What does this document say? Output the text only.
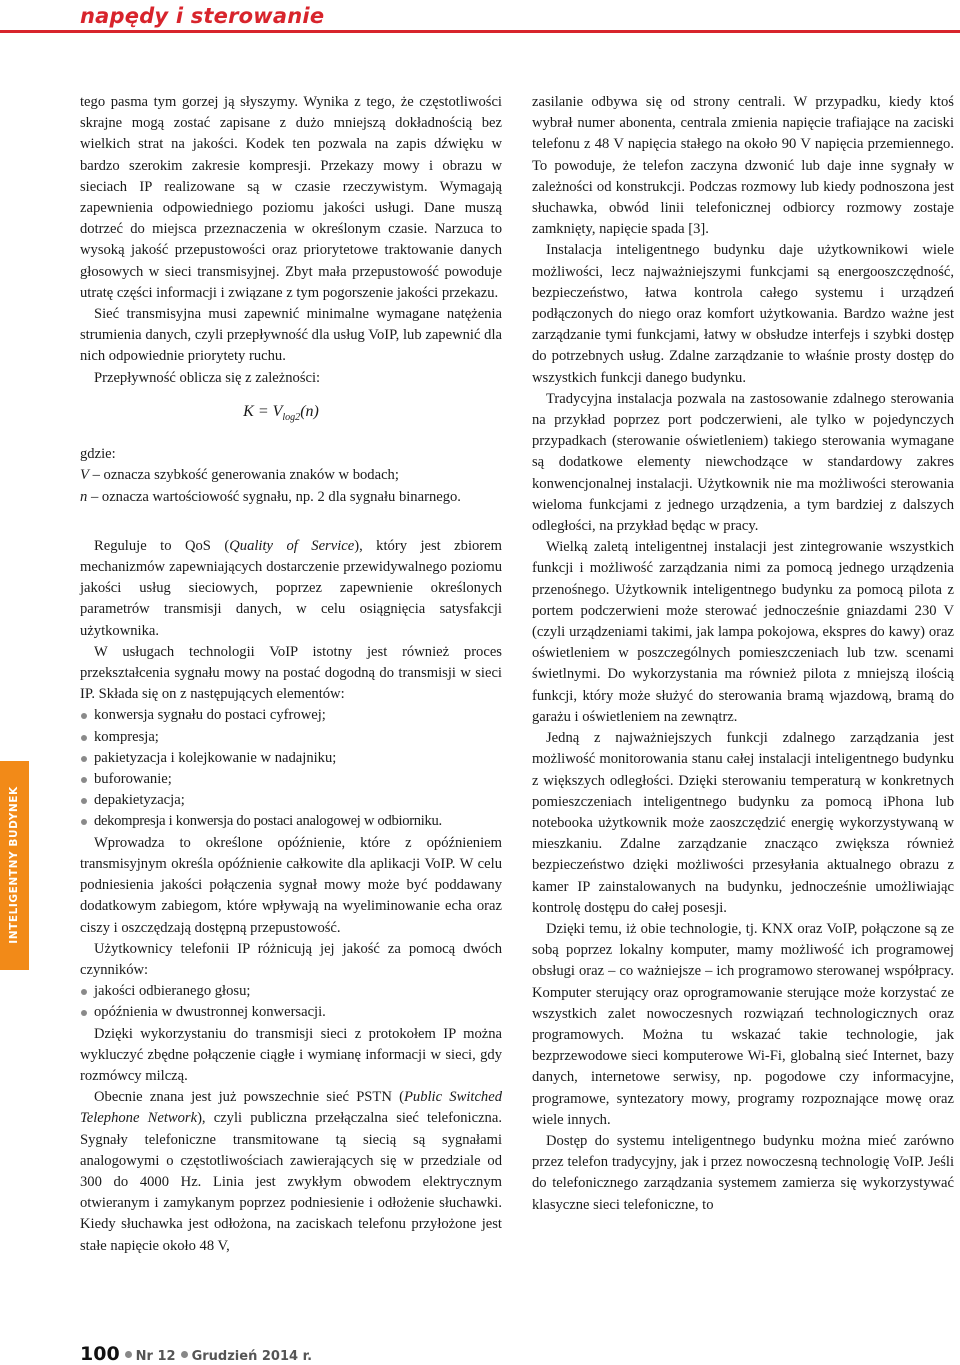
napędy i sterowanie

tego pasma tym gorzej ją słyszymy. Wynika z tego, że częstotliwości skrajne mogą zostać zapisane z dużo mniejszą dokładnością bez wielkich strat na jakości. Kodek ten pozwala na zapis dźwięku w bardzo szerokim zakresie kompresji. Przekazy mowy i obrazu w sieciach IP realizowane są w czasie rzeczywistym. Wymagają zapewnienia odpowiedniego poziomu jakości usługi. Dane muszą dotrzeć do miejsca przeznaczenia w określonym czasie. Narzuca to wysoką jakość przepustowości oraz priorytetowe traktowanie danych głosowych w sieci transmisyjnej. Zbyt mała przepustowość powoduje utratę części informacji i związane z tym pogorszenie jakości przekazu.

Sieć transmisyjna musi zapewnić minimalne wymagane natężenia strumienia danych, czyli przepływność dla usług VoIP, lub zapewnić dla nich odpowiednie priorytety ruchu.

Przepływność oblicza się z zależności:

$K = V_{log2}(n)$

gdzie:

V – oznacza szybkość generowania znaków w bodach;

n – oznacza wartościowość sygnału, np. 2 dla sygnału binarnego.

Reguluje to QoS (Quality of Service), który jest zbiorem mechanizmów zapewniających dostarczenie przewidywalnego poziomu jakości usług sieciowych, poprzez zapewnienie określonych parametrów transmisji danych, w celu osiągnięcia satysfakcji użytkownika.

W usługach technologii VoIP istotny jest również proces przekształcenia sygnału mowy na postać dogodną do transmisji w sieci IP. Składa się on z następujących elementów:

konwersja sygnału do postaci cyfrowej;
kompresja;
pakietyzacja i kolejkowanie w nadajniku;
buforowanie;
depakietyzacja;
dekompresja i konwersja do postaci analogowej w odbiorniku.

Wprowadza to określone opóźnienie, które z opóźnieniem transmisyjnym określa opóźnienie całkowite dla aplikacji VoIP. W celu podniesienia jakości połączenia sygnał mowy może być poddawany dodatkowym zabiegom, które wpływają na wyeliminowanie echa oraz ciszy i oszczędzają dostępną przepustowość.

Użytkownicy telefonii IP różnicują jej jakość za pomocą dwóch czynników:

jakości odbieranego głosu;
opóźnienia w dwustronnej konwersacji.

Dzięki wykorzystaniu do transmisji sieci z protokołem IP można wykluczyć zbędne połączenie ciągłe i wymianę informacji w sieci, gdy rozmówcy milczą.

Obecnie znana jest już powszechnie sieć PSTN (Public Switched Telephone Network), czyli publiczna przełączalna sieć telefoniczna. Sygnały telefoniczne transmitowane tą siecią są sygnałami analogowymi o częstotliwościach zawierających się w przedziale od 300 do 4000 Hz. Linia jest zwykłym obwodem elektrycznym otwieranym i zamykanym poprzez podniesienie i odłożenie słuchawki. Kiedy słuchawka jest odłożona, na zaciskach telefonu przyłożone jest stałe napięcie około 48 V,

zasilanie odbywa się od strony centrali. W przypadku, kiedy ktoś wybrał numer abonenta, centrala zmienia napięcie trafiające na zaciski telefonu z 48 V napięcia stałego na około 90 V napięcia przemiennego. To powoduje, że telefon zaczyna dzwonić lub daje inne sygnały w zależności od konstrukcji. Podczas rozmowy lub kiedy podnoszona jest słuchawka, obwód linii telefonicznej odbiorcy rozmowy zostaje zamknięty, napięcie spada [3].

Instalacja inteligentnego budynku daje użytkownikowi wiele możliwości, lecz najważniejszymi funkcjami są energooszczędność, bezpieczeństwo, łatwa kontrola całego systemu i urządzeń podłączonych do niego oraz komfort użytkowania. Bardzo ważne jest zarządzanie tymi funkcjami, łatwy w obsłudze interfejs i szybki dostęp do potrzebnych usług. Zdalne zarządzanie to właśnie prosty dostęp do wszystkich funkcji danego budynku.

Tradycyjna instalacja pozwala na zastosowanie zdalnego sterowania na przykład poprzez port podczerwieni, ale tylko w pojedynczych przypadkach (sterowanie oświetleniem) takiego sterowania wymagane są dodatkowe elementy niewchodzące w standardowy zakres konwencjonalnej instalacji. Użytkownik nie ma możliwości sterowania wieloma funkcjami z jednego urządzenia, a tym bardziej z dalszych odległości, na przykład będąc w pracy.

Wielką zaletą inteligentnej instalacji jest zintegrowanie wszystkich funkcji i możliwość zarządzania nimi za pomocą jednego urządzenia przenośnego. Użytkownik inteligentnego budynku za pomocą pilota z portem podczerwieni może sterować jednocześnie gniazdami 230 V (czyli urządzeniami takimi, jak lampa pokojowa, ekspres do kawy) oraz oświetleniem w poszczególnych pomieszczeniach lub tzw. scenami świetlnymi. Do wykorzystania ma również pilota z mniejszą ilością funkcji, który może służyć do sterowania bramą wjazdową, bramą do garażu i oświetleniem na zewnątrz.

Jedną z najważniejszych funkcji zdalnego zarządzania jest możliwość monitorowania stanu całej instalacji inteligentnego budynku z większych odległości. Dzięki sterowaniu temperaturą w konkretnych pomieszczeniach inteligentnego budynku za pomocą iPhona lub notebooka użytkownik może zaoszczędzić energię wykorzystywaną w mieszkaniu. Zdalne zarządzanie znacząco zwiększa również bezpieczeństwo dzięki możliwości przesyłania aktualnego obrazu z kamer IP zainstalowanych na budynku, jednocześnie umożliwiając kontrolę dostępu do całej posesji.

Dzięki temu, iż obie technologie, tj. KNX oraz VoIP, połączone są ze sobą poprzez lokalny komputer, mamy możliwość ich programowej obsługi oraz – co ważniejsze – ich programowo sterowanej współpracy. Komputer sterujący oraz oprogramowanie sterujące może korzystać ze wszystkich zalet nowoczesnych rozwiązań technologicznych oraz programowych. Można tu wskazać takie technologie, jak bezprzewodowe sieci komputerowe Wi-Fi, globalną sieć Internet, bazy danych, internetowe serwisy, np. pogodowe czy informacyjne, programowe, syntezatory mowy, programy rozpoznające mowę oraz wiele innych.

Dostęp do systemu inteligentnego budynku można mieć zarówno przez telefon tradycyjny, jak i przez nowoczesną technologię VoIP. Jeśli do telefonicznego zarządzania systemem zamierza się wykorzystywać klasyczne sieci telefoniczne, to

INTELIGENTNY BUDYNEK
100 Nr 12 Grudzień 2014 r.
